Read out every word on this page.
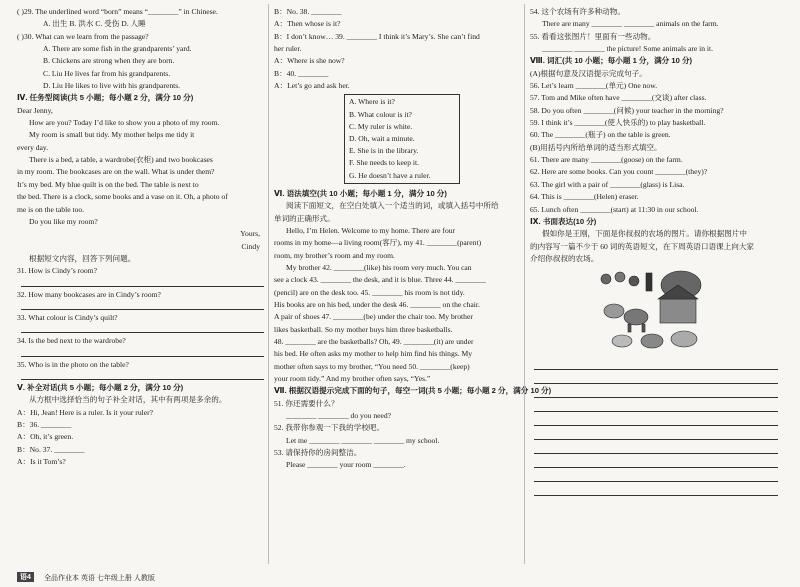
( )29. The underlined word “born” means “________” in Chinese.

A. 出生 B. 洪水 C. 受伤 D. 人睡

( )30. What can we learn from the passage?

A. There are some fish in the grandparents’ yard.

B. Chickens are strong when they are born.

C. Liu He lives far from his grandparents.

D. Liu He likes to live with his grandparents.

Ⅳ. 任务型阅读(共 5 小题；每小题 2 分，满分 10 分)

Dear Jenny,

How are you? Today I’d like to show you a photo of my room.

My room is small but tidy. My mother helps me tidy it

every day.

There is a bed, a table, a wardrobe(衣柜) and two bookcases

in my room. The bookcases are on the wall. What is under them?

It’s my bed. My blue quilt is on the bed. The table is next to

the bed. There is a clock, some books and a vase on it. Oh, a photo of

me is on the table too.

Do you like my room?

Yours,

Cindy

根据短文内容，回答下列问题。

31. How is Cindy’s room?

32. How many bookcases are in Cindy’s room?

33. What colour is Cindy’s quilt?

34. Is the bed next to the wardrobe?

35. Who is in the photo on the table?

Ⅴ. 补全对话(共 5 小题；每小题 2 分，满分 10 分)

从方框中选择恰当的句子补全对话，其中有两项是多余的。

A：Hi, Jean! Here is a ruler. Is it your ruler?

B：36. ________

A：Oh, it’s green.

B：No. 37. ________

A：Is it Tom’s?

B：No. 38. ________

A：Then whose is it?

B：I don’t know… 39. ________ I think it’s Mary’s. She can’t find

her ruler.

A：Where is she now?

B：40. ________

A：Let’s go and ask her.

A. Where is it?
B. What colour is it?
C. My ruler is white.
D. Oh, wait a minute.
E. She is in the library.
F. She needs to keep it.
G. He doesn’t have a ruler.

Ⅵ. 语法填空(共 10 小题；每小题 1 分，满分 10 分)

阅读下面短文，在空白处填入一个适当的词，或填入括号中所给

单词的正确形式。

Hello, I’m Helen. Welcome to my home. There are four

rooms in my home—a living room(客厅), my 41. ________(parent)

room, my brother’s room and my room.

My brother 42. ________(like) his room very much. You can

see a clock 43. ________ the desk, and it is blue. Three 44. ________

(pencil) are on the desk too. 45. ________ his room is not tidy.

His books are on his bed, under the desk 46. ________ on the chair.

A pair of shoes 47. ________(be) under the chair too. My brother

likes basketball. So my mother buys him three basketballs.

48. ________ are the basketballs? Oh, 49. ________(it) are under

his bed. He often asks my mother to help him find his things. My

mother often says to my brother, “You need 50. ________(keep)

your room tidy.” And my brother often says, “Yes.”

Ⅶ. 根据汉语提示完成下面的句子，每空一词(共 5 小题；每小题 2 分，满分 10 分)

51. 你还需要什么？

________ ________ do you need?

52. 我带你参观一下我的学校吧。

Let me ________ ________ ________ my school.

53. 请保持你的房间整洁。

Please ________ your room ________.

54. 这个农场有许多种动物。

There are many ________ ________ animals on the farm.

55. 看看这张图片！里面有一些动物。

________ ________ the picture! Some animals are in it.

Ⅷ. 词汇(共 10 小题；每小题 1 分，满分 10 分)

(A)根据句意及汉语提示完成句子。

56. Let’s learn ________(单元) One now.

57. Tom and Mike often have ________(交谈) after class.

58. Do you often ________(问候) your teacher in the morning?

59. I think it’s ________(使人快乐的) to play basketball.

60. The ________(瓶子) on the table is green.

(B)用括号内所给单词的适当形式填空。

61. There are many ________(goose) on the farm.

62. Here are some books. Can you count ________(they)?

63. The girl with a pair of ________(glass) is Lisa.

64. This is ________(Helen) eraser.

65. Lunch often ________(start) at 11:30 in our school.

Ⅸ. 书面表达(10 分)

假如你是王刚，下面是你叔叔的农场的图片。请你根据图片中

的内容写一篇不少于 60 词的英语短文，在下周英语口语课上向大家

介绍你叔叔的农场。

语4	全品作业本 英语 七年级上册 人教版
